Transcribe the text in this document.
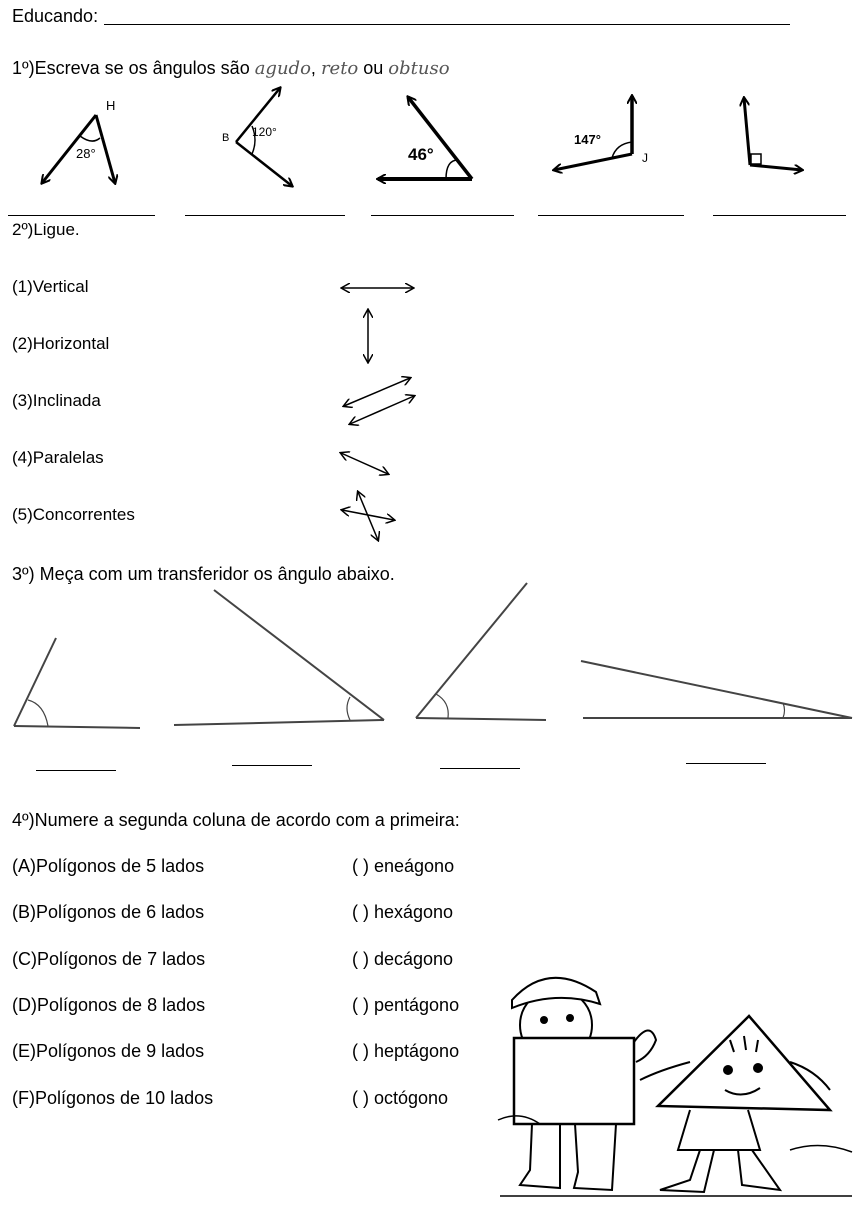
Educando:
1º)Escreva se os ângulos são agudo, reto ou obtuso
H
28°
B 120°
46°
147°
J
2º)Ligue.
(1)Vertical
(2)Horizontal
(3)Inclinada
(4)Paralelas
(5)Concorrentes
3º) Meça com um transferidor os ângulo abaixo.
4º)Numere a segunda coluna de acordo com a primeira:
(A)Polígonos de 5 lados
(B)Polígonos de 6 lados
(C)Polígonos de 7 lados
(D)Polígonos de 8 lados
(E)Polígonos de 9 lados
(F)Polígonos de 10 lados
( ) eneágono
( ) hexágono
( ) decágono
( ) pentágono
( ) heptágono
( ) octógono
